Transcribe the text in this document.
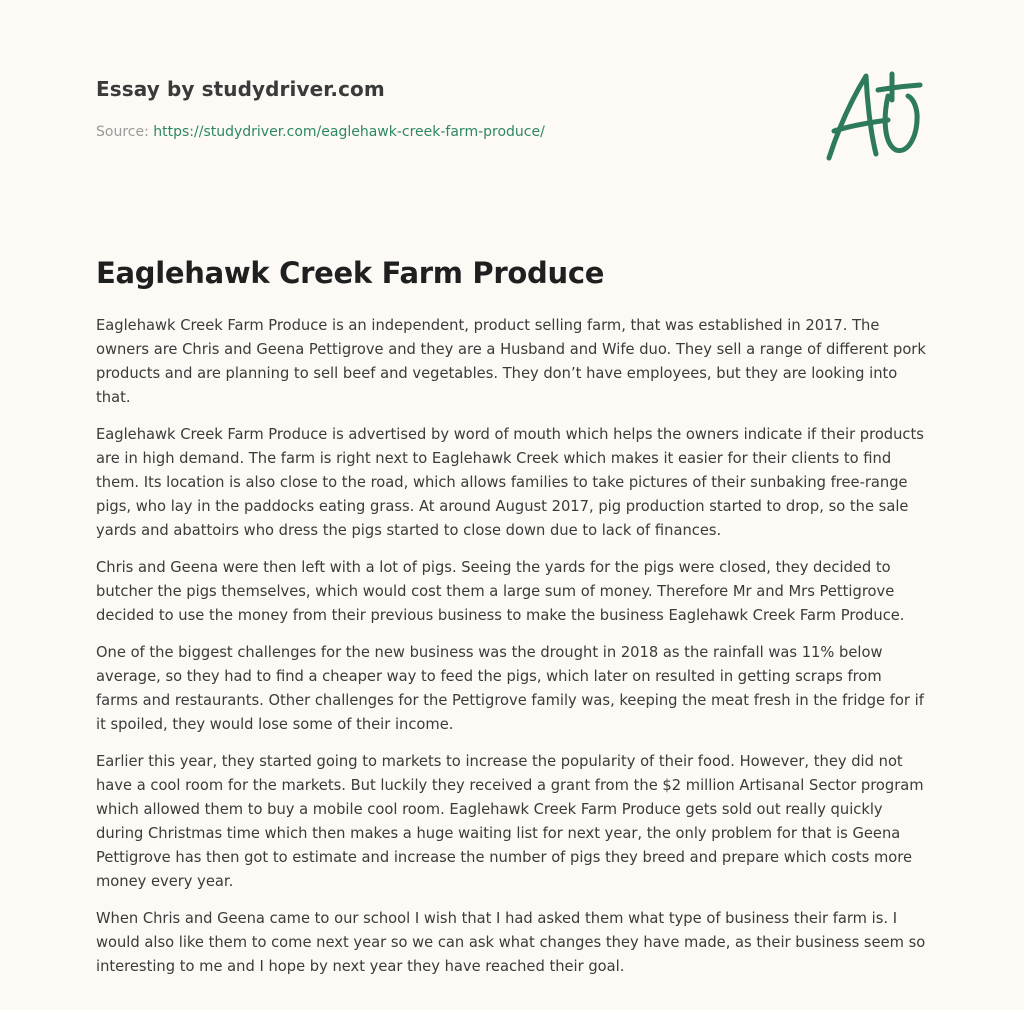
Essay by studydriver.com
Source: https://studydriver.com/eaglehawk-creek-farm-produce/
Eaglehawk Creek Farm Produce

Eaglehawk Creek Farm Produce is an independent, product selling farm, that was established in 2017. The owners are Chris and Geena Pettigrove and they are a Husband and Wife duo. They sell a range of different pork products and are planning to sell beef and vegetables. They don’t have employees, but they are looking into that.

Eaglehawk Creek Farm Produce is advertised by word of mouth which helps the owners indicate if their products are in high demand. The farm is right next to Eaglehawk Creek which makes it easier for their clients to find them. Its location is also close to the road, which allows families to take pictures of their sunbaking free-range pigs, who lay in the paddocks eating grass. At around August 2017, pig production started to drop, so the sale yards and abattoirs who dress the pigs started to close down due to lack of finances.

Chris and Geena were then left with a lot of pigs. Seeing the yards for the pigs were closed, they decided to butcher the pigs themselves, which would cost them a large sum of money. Therefore Mr and Mrs Pettigrove decided to use the money from their previous business to make the business Eaglehawk Creek Farm Produce.

One of the biggest challenges for the new business was the drought in 2018 as the rainfall was 11% below average, so they had to find a cheaper way to feed the pigs, which later on resulted in getting scraps from farms and restaurants. Other challenges for the Pettigrove family was, keeping the meat fresh in the fridge for if it spoiled, they would lose some of their income.

Earlier this year, they started going to markets to increase the popularity of their food. However, they did not have a cool room for the markets. But luckily they received a grant from the $2 million Artisanal Sector program which allowed them to buy a mobile cool room. Eaglehawk Creek Farm Produce gets sold out really quickly during Christmas time which then makes a huge waiting list for next year, the only problem for that is Geena Pettigrove has then got to estimate and increase the number of pigs they breed and prepare which costs more money every year.

When Chris and Geena came to our school I wish that I had asked them what type of business their farm is. I would also like them to come next year so we can ask what changes they have made, as their business seem so interesting to me and I hope by next year they have reached their goal.
